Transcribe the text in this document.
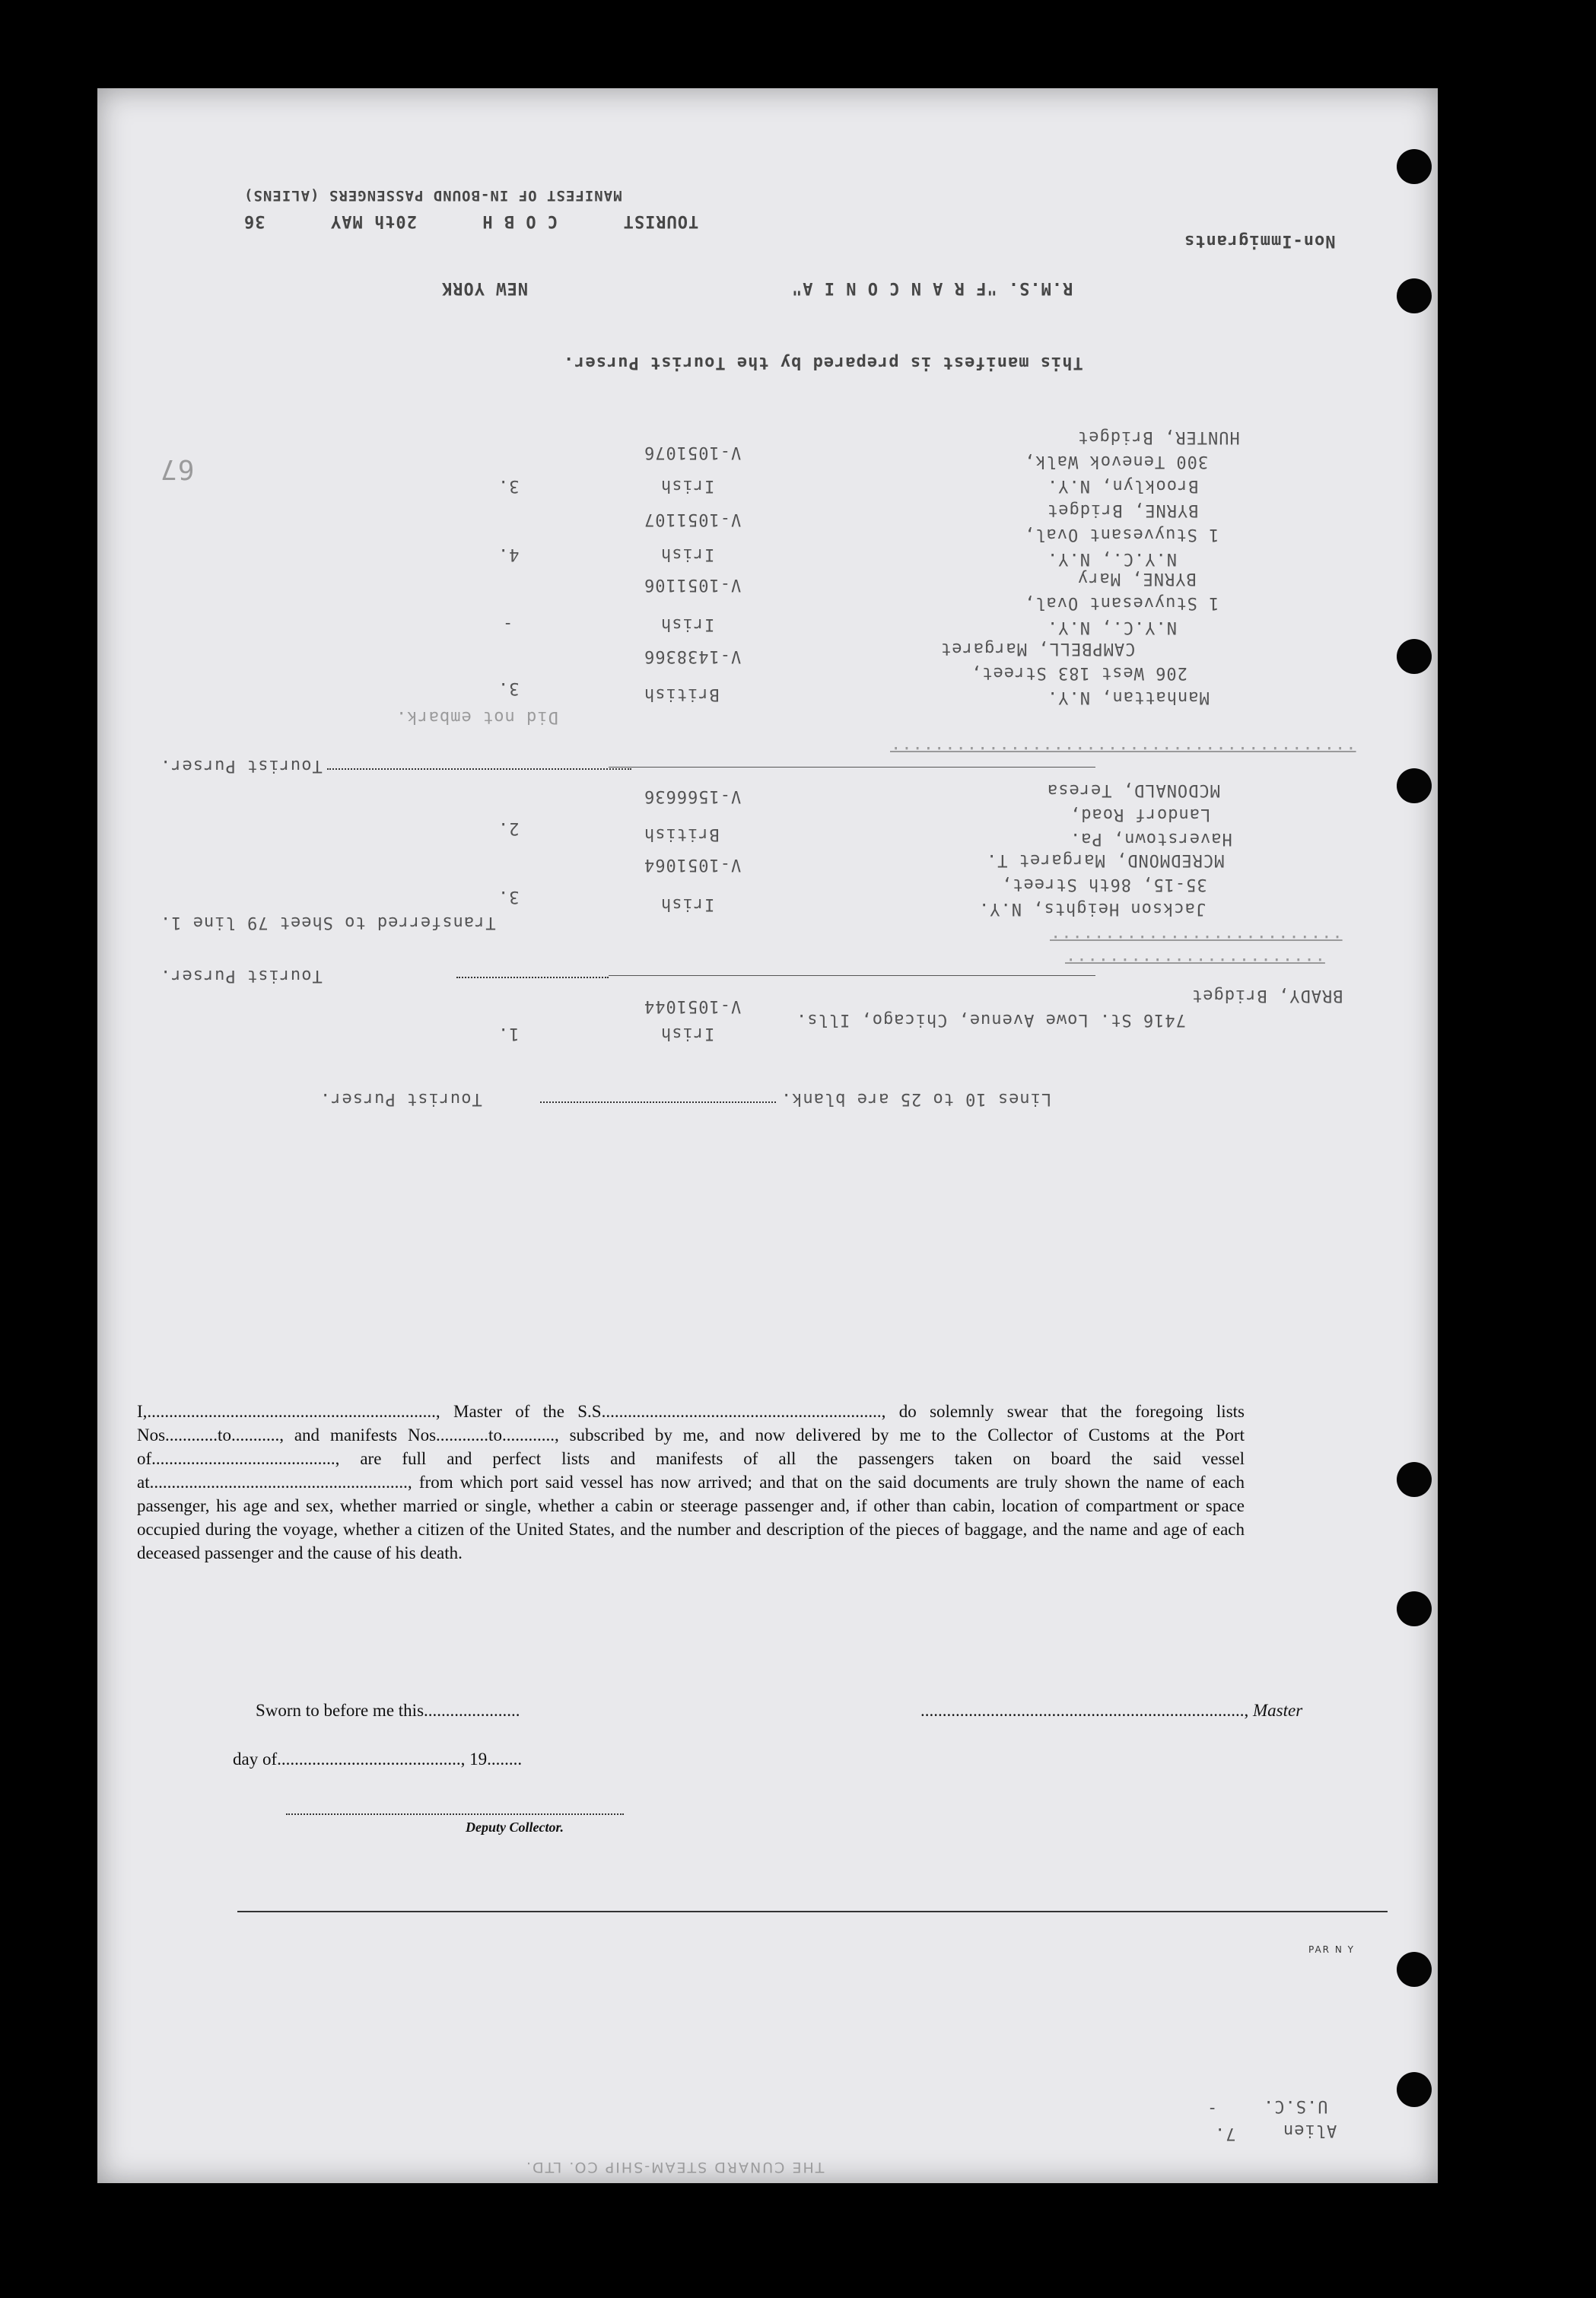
MANIFEST OF IN-BOUND PASSENGERS (ALIENS)
TOURIST      C O B H      20th MAY      36
Non-Immigrants
R.M.S. "F R A N C O N I A"
NEW YORK
This manifest is prepared by the Tourist Purser.
HUNTER, Bridget
300 Tenevok Walk,
Brooklyn, N.Y.
V-1051076
Irish
3.
BYRNE, Bridget
1 Stuyvesant Oval,
N.Y.C., N.Y.
V-1051107
Irish
4.
BYRNE, Mary
1 Stuyvesant Oval,
N.Y.C., N.Y.
V-1051106
Irish
-
CAMPBELL, Margaret
206 West 183 Street,
Manhattan, N.Y.
V-1438366
British
3.
Did not embark.
...........................................
Tourist Purser.
MCDONALD, Teresa
Landorf Road,
Haverstown, Pa.
V-1566636
British
2.
MCREDMOND, Margaret T.
35-15, 86th Street,
Jackson Heights, N.Y.
V-1051064
Irish
3.
Transferred to Sheet 79 line 1.
...........................
........................
Tourist Purser.
BRADY, Bridget
7416 St. Lowe Avenue, Chicago, Ills.
V-1051044
Irish
1.
Lines 10 to 25 are blank.
Tourist Purser.
67

I,.................................................................., Master of the S.S................................................................, do solemnly swear that the foregoing lists Nos............to..........., and manifests Nos............to............, subscribed by me, and now delivered by me to the Collector of Customs at the Port of.........................................., are full and perfect lists and manifests of all the passengers taken on board the said vessel at..........................................................., from which port said vessel has now arrived; and that on the said documents are truly shown the name of each passenger, his age and sex, whether married or single, whether a cabin or steerage passenger and, if other than cabin, location of compartment or space occupied during the voyage, whether a citizen of the United States, and the number and description of the pieces of baggage, and the name and age of each deceased passenger and the cause of his death.

Sworn to before me this......................	.........................................................................., Master
day of.........................................., 19........
Deputy Collector.
PAR N Y
U.S.C.
Alien
-
7.
THE CUNARD STEAM-SHIP CO. LTD.
